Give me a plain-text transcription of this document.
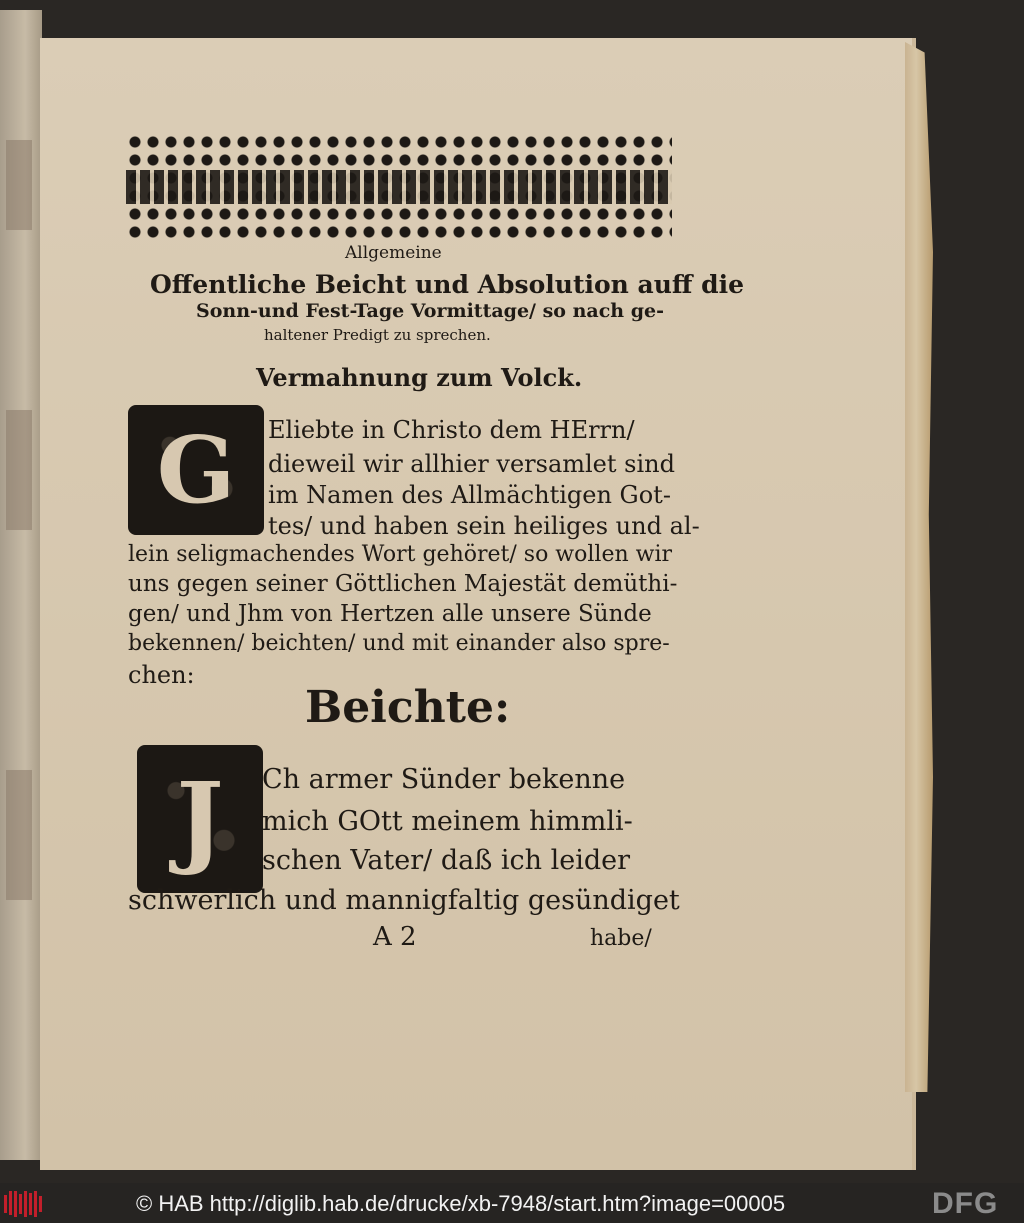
Allgemeine
Offentliche Beicht und Absolution auff die
Sonn-und Fest-Tage Vormittage/ so nach ge-
haltener Predigt zu sprechen.
Vermahnung zum Volck.
G	Eliebte in Christo dem HErrn/
dieweil wir allhier versamlet sind
im Namen des Allmächtigen Got-
tes/ und haben sein heiliges und al-
lein seligmachendes Wort gehöret/ so wollen wir
uns gegen seiner Göttlichen Majestät demüthi-
gen/ und Jhm von Hertzen alle unsere Sünde
bekennen/ beichten/ und mit einander also spre-
chen:
Beichte:
J	Ch armer Sünder bekenne
mich GOtt meinem himmli-
schen Vater/ daß ich leider
schwerlich und mannigfaltig gesündiget
A 2	habe/
© HAB http://diglib.hab.de/drucke/xb-7948/start.htm?image=00005	DFG
